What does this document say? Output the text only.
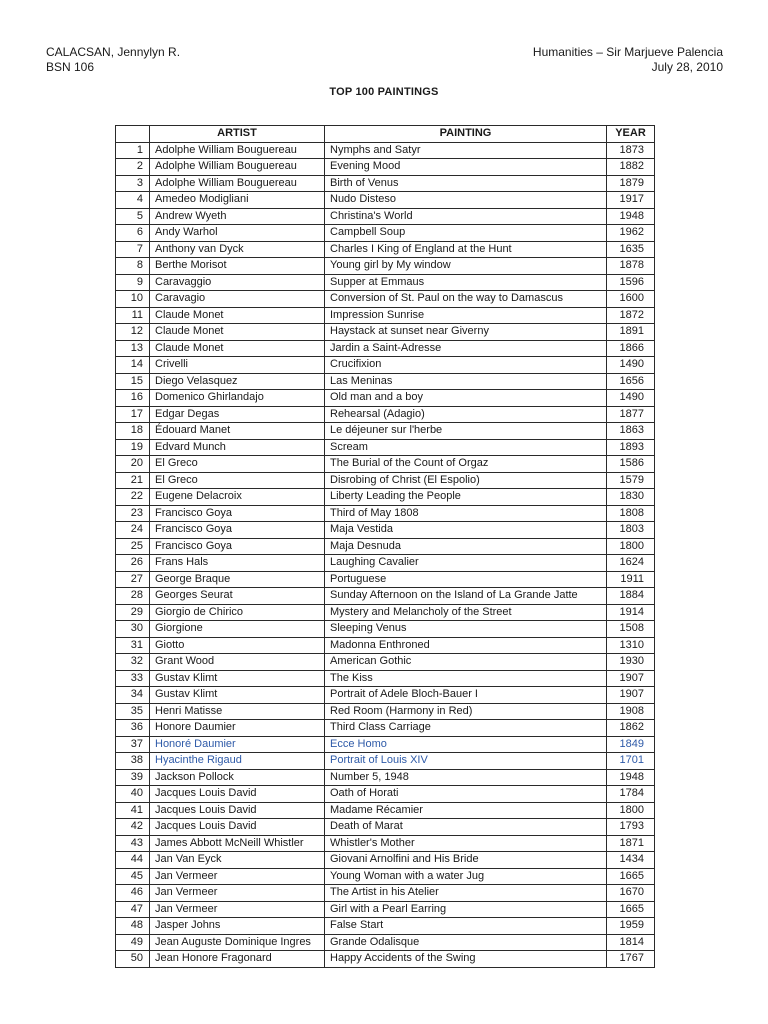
CALACSAN, Jennylyn R.
BSN 106
Humanities – Sir Marjueve Palencia
July 28, 2010
TOP 100 PAINTINGS
	ARTIST	PAINTING	YEAR
1	Adolphe William Bouguereau	Nymphs and Satyr	1873
2	Adolphe William Bouguereau	Evening Mood	1882
3	Adolphe William Bouguereau	Birth of Venus	1879
4	Amedeo Modigliani	Nudo Disteso	1917
5	Andrew Wyeth	Christina's World	1948
6	Andy Warhol	Campbell Soup	1962
7	Anthony van Dyck	Charles I King of England at the Hunt	1635
8	Berthe Morisot	Young girl by My window	1878
9	Caravaggio	Supper at Emmaus	1596
10	Caravagio	Conversion of St. Paul on the way to Damascus	1600
11	Claude Monet	Impression Sunrise	1872
12	Claude Monet	Haystack at sunset near Giverny	1891
13	Claude Monet	Jardin a Saint-Adresse	1866
14	Crivelli	Crucifixion	1490
15	Diego Velasquez	Las Meninas	1656
16	Domenico Ghirlandajo	Old man and a boy	1490
17	Edgar Degas	Rehearsal (Adagio)	1877
18	Édouard Manet	Le déjeuner sur l'herbe	1863
19	Edvard Munch	Scream	1893
20	El Greco	The Burial of the Count of Orgaz	1586
21	El Greco	Disrobing of Christ (El Espolio)	1579
22	Eugene Delacroix	Liberty Leading the People	1830
23	Francisco Goya	Third of May 1808	1808
24	Francisco Goya	Maja Vestida	1803
25	Francisco Goya	Maja Desnuda	1800
26	Frans Hals	Laughing Cavalier	1624
27	George Braque	Portuguese	1911
28	Georges Seurat	Sunday Afternoon on the Island of La Grande Jatte	1884
29	Giorgio de Chirico	Mystery and Melancholy of the Street	1914
30	Giorgione	Sleeping Venus	1508
31	Giotto	Madonna Enthroned	1310
32	Grant Wood	American Gothic	1930
33	Gustav Klimt	The Kiss	1907
34	Gustav Klimt	Portrait of Adele Bloch-Bauer I	1907
35	Henri Matisse	Red Room (Harmony in Red)	1908
36	Honore Daumier	Third Class Carriage	1862
37	Honoré Daumier	Ecce Homo	1849
38	Hyacinthe Rigaud	Portrait of Louis XIV	1701
39	Jackson Pollock	Number 5, 1948	1948
40	Jacques Louis David	Oath of Horati	1784
41	Jacques Louis David	Madame Récamier	1800
42	Jacques Louis David	Death of Marat	1793
43	James Abbott McNeill Whistler	Whistler's Mother	1871
44	Jan Van Eyck	Giovani Arnolfini and His Bride	1434
45	Jan Vermeer	Young Woman with a water Jug	1665
46	Jan Vermeer	The Artist in his Atelier	1670
47	Jan Vermeer	Girl with a Pearl Earring	1665
48	Jasper Johns	False Start	1959
49	Jean Auguste Dominique Ingres	Grande Odalisque	1814
50	Jean Honore Fragonard	Happy Accidents of the Swing	1767
